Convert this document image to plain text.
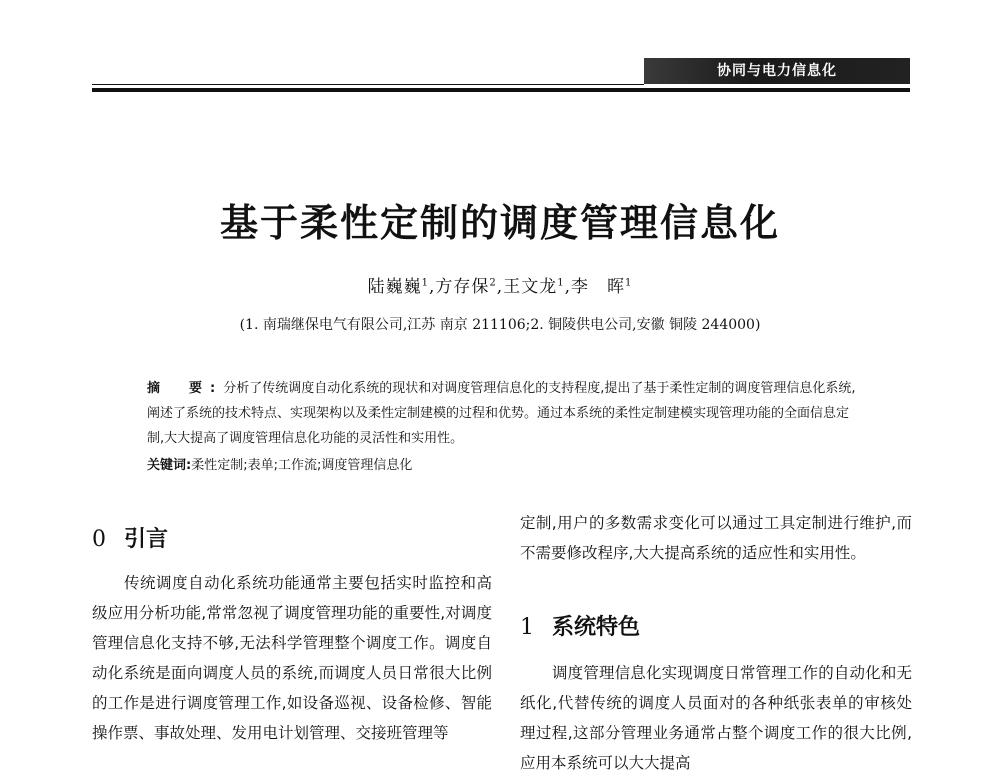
协同与电力信息化
基于柔性定制的调度管理信息化
陆巍巍$^1$,方存保$^2$,王文龙$^1$,李　晖$^1$
(1. 南瑞继保电气有限公司,江苏 南京 211106;2. 铜陵供电公司,安徽 铜陵 244000)
摘　要:分析了传统调度自动化系统的现状和对调度管理信息化的支持程度,提出了基于柔性定制的调度管理信息化系统,阐述了系统的技术特点、实现架构以及柔性定制建模的过程和优势。通过本系统的柔性定制建模实现管理功能的全面信息定制,大大提高了调度管理信息化功能的灵活性和实用性。
关键词:柔性定制;表单;工作流;调度管理信息化
0 引言
传统调度自动化系统功能通常主要包括实时监控和高级应用分析功能,常常忽视了调度管理功能的重要性,对调度管理信息化支持不够,无法科学管理整个调度工作。调度自动化系统是面向调度人员的系统,而调度人员日常很大比例的工作是进行调度管理工作,如设备巡视、设备检修、智能操作票、事故处理、发用电计划管理、交接班管理等
定制,用户的多数需求变化可以通过工具定制进行维护,而不需要修改程序,大大提高系统的适应性和实用性。
1 系统特色
调度管理信息化实现调度日常管理工作的自动化和无纸化,代替传统的调度人员面对的各种纸张表单的审核处理过程,这部分管理业务通常占整个调度工作的很大比例,应用本系统可以大大提高
